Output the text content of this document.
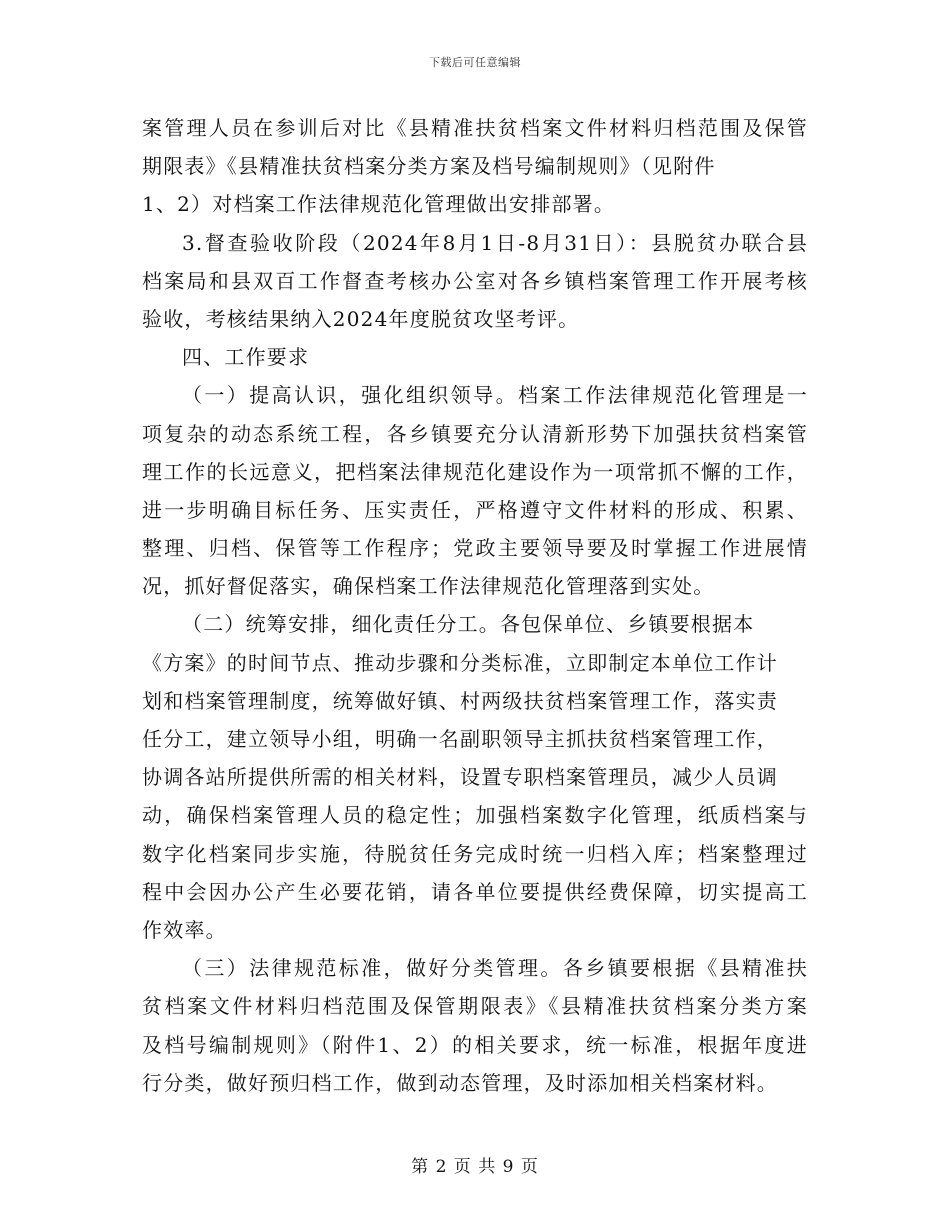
下载后可任意编辑
案管理人员在参训后对比《县精准扶贫档案文件材料归档范围及保管
期限表》《县精准扶贫档案分类方案及档号编制规则》（见附件
1、2）对档案工作法律规范化管理做出安排部署。
3.督查验收阶段（2024年8月1日-8月31日）：县脱贫办联合县
档案局和县双百工作督查考核办公室对各乡镇档案管理工作开展考核
验收，考核结果纳入2024年度脱贫攻坚考评。
四、工作要求
（一）提高认识，强化组织领导。档案工作法律规范化管理是一
项复杂的动态系统工程，各乡镇要充分认清新形势下加强扶贫档案管
理工作的长远意义，把档案法律规范化建设作为一项常抓不懈的工作，
进一步明确目标任务、压实责任，严格遵守文件材料的形成、积累、
整理、归档、保管等工作程序；党政主要领导要及时掌握工作进展情
况，抓好督促落实，确保档案工作法律规范化管理落到实处。
（二）统筹安排，细化责任分工。各包保单位、乡镇要根据本
《方案》的时间节点、推动步骤和分类标准，立即制定本单位工作计
划和档案管理制度，统筹做好镇、村两级扶贫档案管理工作，落实责
任分工，建立领导小组，明确一名副职领导主抓扶贫档案管理工作，
协调各站所提供所需的相关材料，设置专职档案管理员，减少人员调
动，确保档案管理人员的稳定性；加强档案数字化管理，纸质档案与
数字化档案同步实施，待脱贫任务完成时统一归档入库；档案整理过
程中会因办公产生必要花销，请各单位要提供经费保障，切实提高工
作效率。
（三）法律规范标准，做好分类管理。各乡镇要根据《县精准扶
贫档案文件材料归档范围及保管期限表》《县精准扶贫档案分类方案
及档号编制规则》（附件1、2）的相关要求，统一标准，根据年度进
行分类，做好预归档工作，做到动态管理，及时添加相关档案材料。
第 2 页 共 9 页
